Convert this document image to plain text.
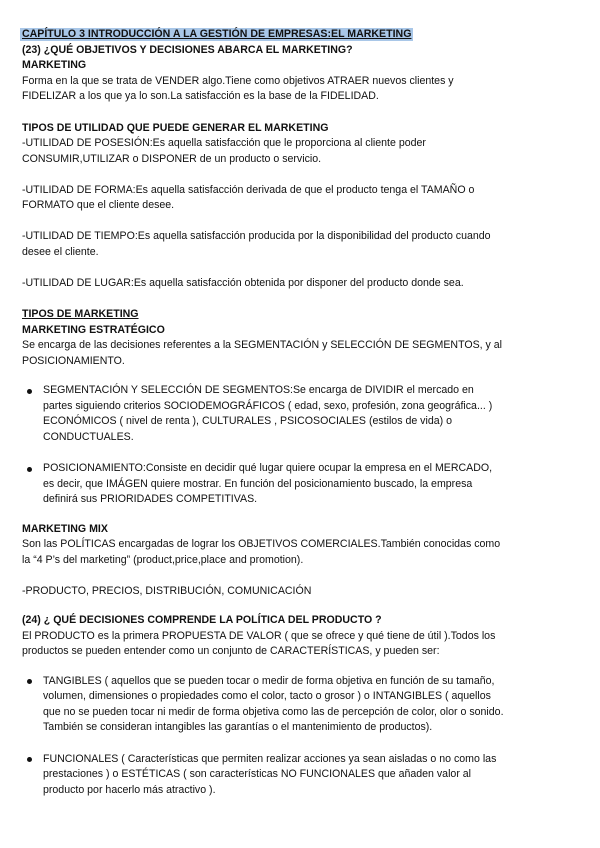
CAPÍTULO 3 INTRODUCCIÓN A LA GESTIÓN DE EMPRESAS:EL MARKETING
(23) ¿QUÉ OBJETIVOS Y DECISIONES ABARCA EL MARKETING?
MARKETING

Forma en la que se trata de VENDER algo.Tiene como objetivos ATRAER nuevos clientes y

FIDELIZAR a los que ya lo son.La satisfacción es la base de la FIDELIDAD.

TIPOS DE UTILIDAD QUE PUEDE GENERAR EL MARKETING

-UTILIDAD DE POSESIÓN:Es aquella satisfacción que le proporciona al cliente poder

CONSUMIR,UTILIZAR o DISPONER de un producto o servicio.

-UTILIDAD DE FORMA:Es aquella satisfacción derivada de que el producto tenga el TAMAÑO o

FORMATO que el cliente desee.

-UTILIDAD DE TIEMPO:Es aquella satisfacción producida por la disponibilidad del producto cuando

desee el cliente.

-UTILIDAD DE LUGAR:Es aquella satisfacción obtenida por disponer del producto donde sea.

TIPOS DE MARKETING
MARKETING ESTRATÉGICO

Se encarga de las decisiones referentes a la SEGMENTACIÓN y SELECCIÓN DE SEGMENTOS, y al

POSICIONAMIENTO.

SEGMENTACIÓN Y SELECCIÓN DE SEGMENTOS:Se encarga de DIVIDIR el mercado en
partes siguiendo criterios SOCIODEMOGRÁFICOS ( edad, sexo, profesión, zona geográfica... )
ECONÓMICOS ( nivel de renta ), CULTURALES , PSICOSOCIALES (estilos de vida) o
CONDUCTUALES.
POSICIONAMIENTO:Consiste en decidir qué lugar quiere ocupar la empresa en el MERCADO,
es decir, que IMÁGEN quiere mostrar. En función del posicionamiento buscado, la empresa
definirá sus PRIORIDADES COMPETITIVAS.
MARKETING MIX

Son las POLÍTICAS encargadas de lograr los OBJETIVOS COMERCIALES.También conocidas como

la “4 P’s del marketing” (product,price,place and promotion).

-PRODUCTO, PRECIOS, DISTRIBUCIÓN, COMUNICACIÓN

(24) ¿ QUÉ DECISIONES COMPRENDE LA POLÍTICA DEL PRODUCTO ?

El PRODUCTO es la primera PROPUESTA DE VALOR ( que se ofrece y qué tiene de útil ).Todos los

productos se pueden entender como un conjunto de CARACTERÍSTICAS, y pueden ser:

TANGIBLES ( aquellos que se pueden tocar o medir de forma objetiva en función de su tamaño,
volumen, dimensiones o propiedades como el color, tacto o grosor ) o INTANGIBLES ( aquellos
que no se pueden tocar ni medir de forma objetiva como las de percepción de color, olor o sonido.
También se consideran intangibles las garantías o el mantenimiento de productos).
FUNCIONALES ( Características que permiten realizar acciones ya sean aisladas o no como las
prestaciones ) o ESTÉTICAS ( son características NO FUNCIONALES que añaden valor al
producto por hacerlo más atractivo ).
